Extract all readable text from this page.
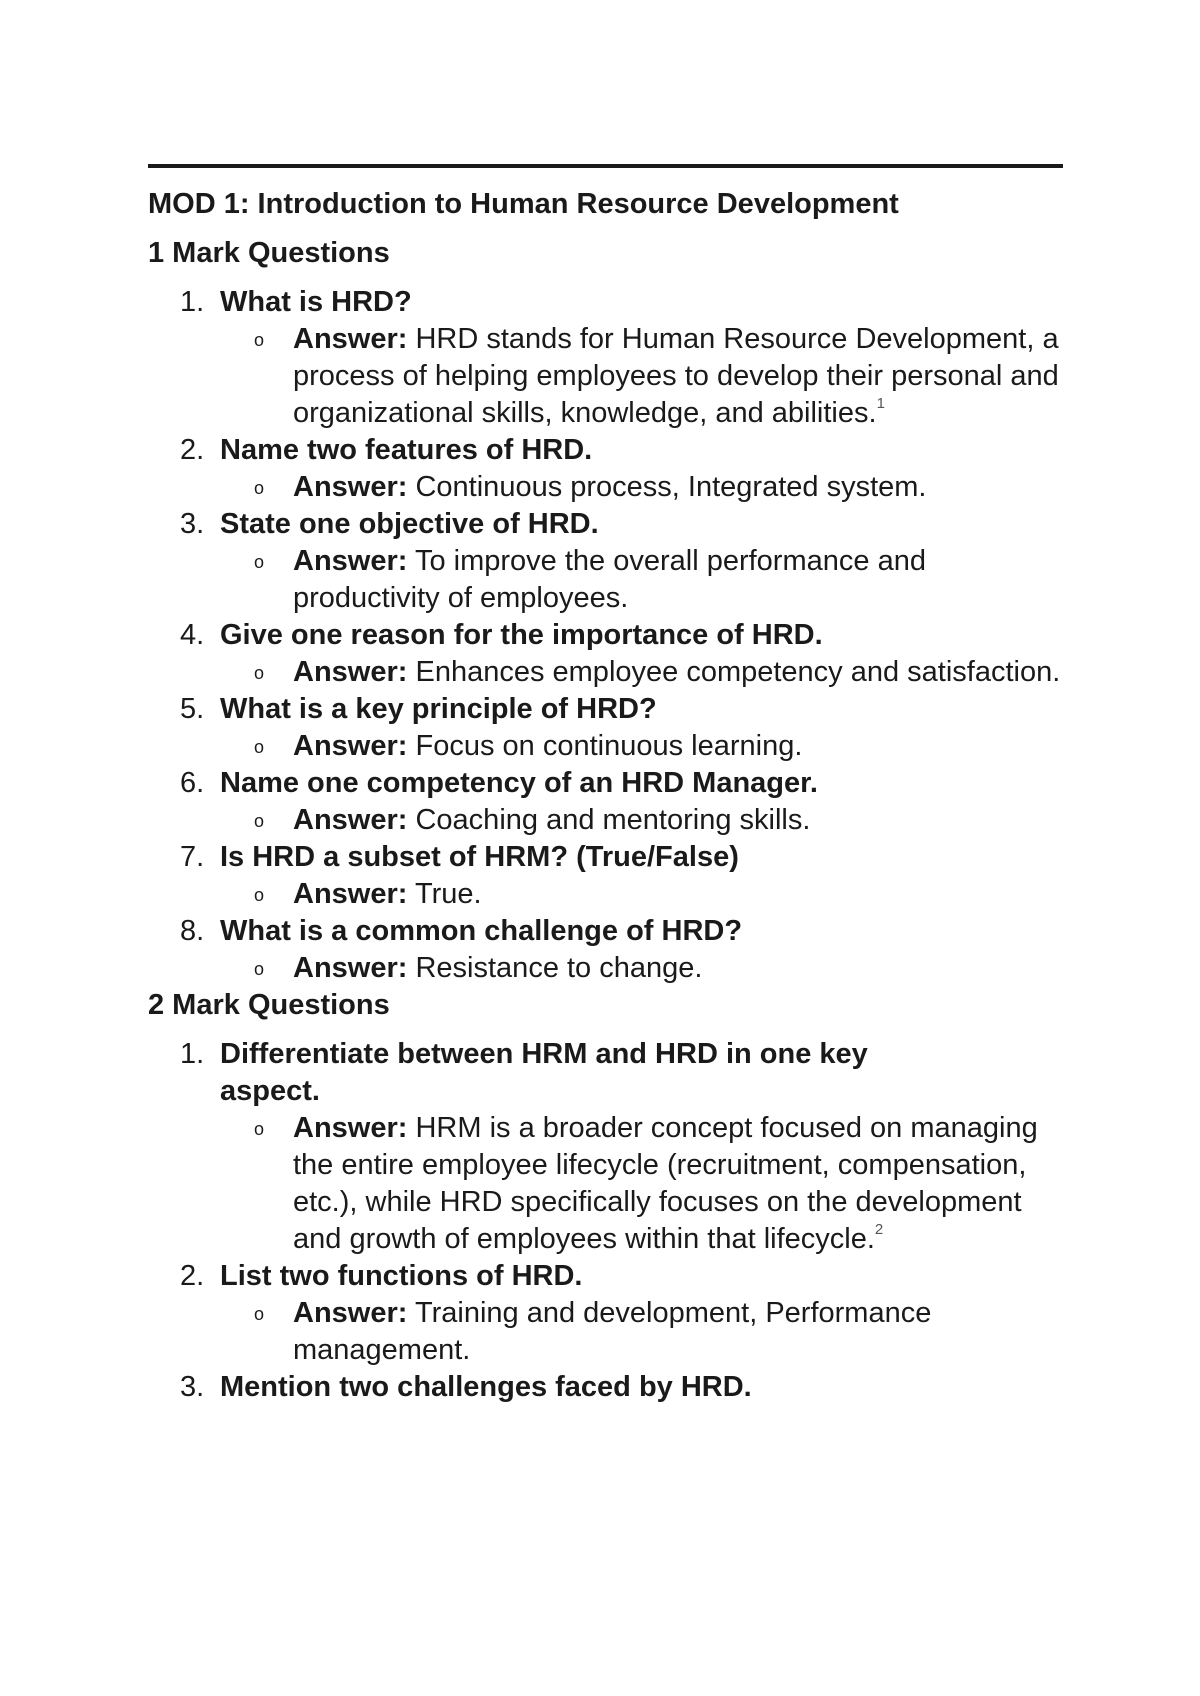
MOD 1: Introduction to Human Resource Development
1 Mark Questions
1. What is HRD?
o Answer: HRD stands for Human Resource Development, a process of helping employees to develop their personal and organizational skills, knowledge, and abilities.$^1$
2. Name two features of HRD.
o Answer: Continuous process, Integrated system.
3. State one objective of HRD.
o Answer: To improve the overall performance and productivity of employees.
4. Give one reason for the importance of HRD.
o Answer: Enhances employee competency and satisfaction.
5. What is a key principle of HRD?
o Answer: Focus on continuous learning.
6. Name one competency of an HRD Manager.
o Answer: Coaching and mentoring skills.
7. Is HRD a subset of HRM? (True/False)
o Answer: True.
8. What is a common challenge of HRD?
o Answer: Resistance to change.
2 Mark Questions
1. Differentiate between HRM and HRD in one key aspect.
o Answer: HRM is a broader concept focused on managing the entire employee lifecycle (recruitment, compensation, etc.), while HRD specifically focuses on the development and growth of employees within that lifecycle.$^2$
2. List two functions of HRD.
o Answer: Training and development, Performance management.
3. Mention two challenges faced by HRD.
